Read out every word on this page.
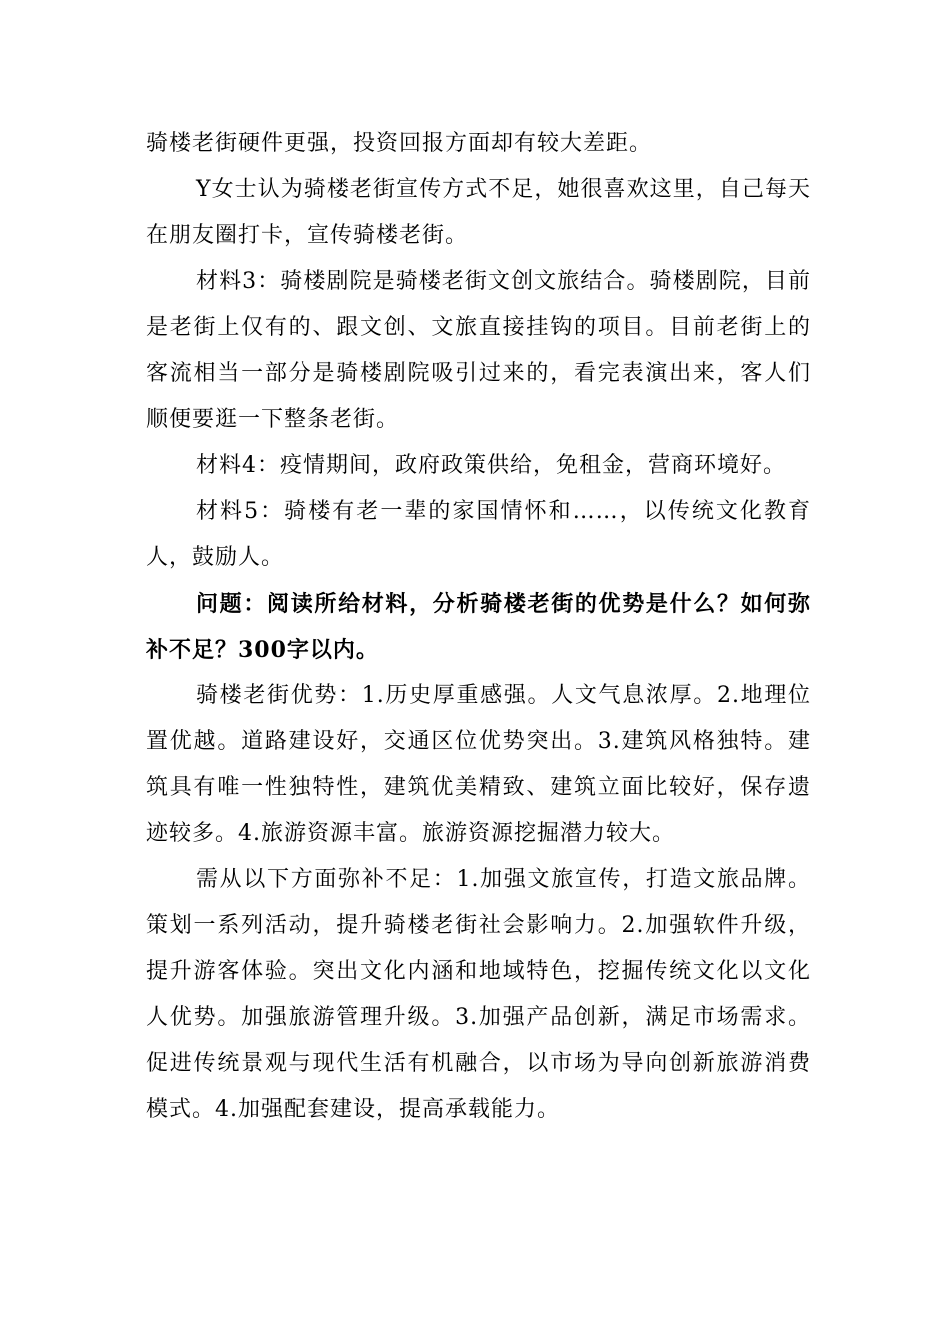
骑楼老街硬件更强，投资回报方面却有较大差距。

Y女士认为骑楼老街宣传方式不足，她很喜欢这里，自己每天在朋友圈打卡，宣传骑楼老街。

材料3：骑楼剧院是骑楼老街文创文旅结合。骑楼剧院，目前是老街上仅有的、跟文创、文旅直接挂钩的项目。目前老街上的客流相当一部分是骑楼剧院吸引过来的，看完表演出来，客人们顺便要逛一下整条老街。

材料4：疫情期间，政府政策供给，免租金，营商环境好。

材料5：骑楼有老一辈的家国情怀和……，以传统文化教育人，鼓励人。

问题：阅读所给材料，分析骑楼老街的优势是什么？如何弥补不足？300字以内。

骑楼老街优势：1.历史厚重感强。人文气息浓厚。2.地理位置优越。道路建设好，交通区位优势突出。3.建筑风格独特。建筑具有唯一性独特性，建筑优美精致、建筑立面比较好，保存遗迹较多。4.旅游资源丰富。旅游资源挖掘潜力较大。

需从以下方面弥补不足：1.加强文旅宣传，打造文旅品牌。策划一系列活动，提升骑楼老街社会影响力。2.加强软件升级，提升游客体验。突出文化内涵和地域特色，挖掘传统文化以文化人优势。加强旅游管理升级。3.加强产品创新，满足市场需求。促进传统景观与现代生活有机融合，以市场为导向创新旅游消费模式。4.加强配套建设，提高承载能力。
